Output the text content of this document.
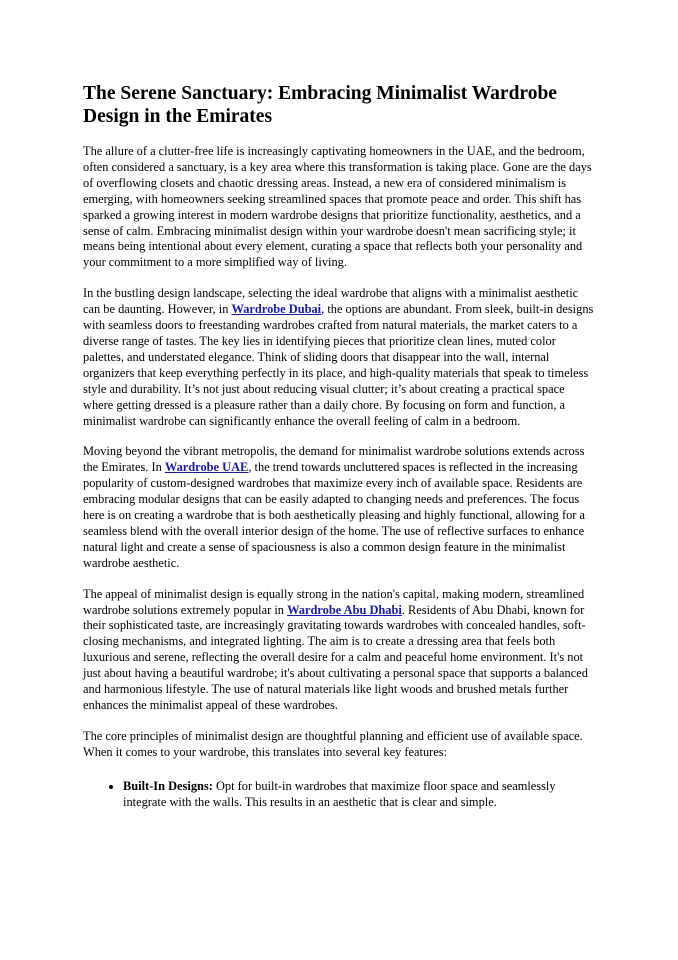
The Serene Sanctuary: Embracing Minimalist Wardrobe Design in the Emirates

The allure of a clutter-free life is increasingly captivating homeowners in the UAE, and the bedroom, often considered a sanctuary, is a key area where this transformation is taking place. Gone are the days of overflowing closets and chaotic dressing areas. Instead, a new era of considered minimalism is emerging, with homeowners seeking streamlined spaces that promote peace and order. This shift has sparked a growing interest in modern wardrobe designs that prioritize functionality, aesthetics, and a sense of calm. Embracing minimalist design within your wardrobe doesn't mean sacrificing style; it means being intentional about every element, curating a space that reflects both your personality and your commitment to a more simplified way of living.

In the bustling design landscape, selecting the ideal wardrobe that aligns with a minimalist aesthetic can be daunting. However, in Wardrobe Dubai, the options are abundant. From sleek, built-in designs with seamless doors to freestanding wardrobes crafted from natural materials, the market caters to a diverse range of tastes. The key lies in identifying pieces that prioritize clean lines, muted color palettes, and understated elegance. Think of sliding doors that disappear into the wall, internal organizers that keep everything perfectly in its place, and high-quality materials that speak to timeless style and durability. It’s not just about reducing visual clutter; it’s about creating a practical space where getting dressed is a pleasure rather than a daily chore. By focusing on form and function, a minimalist wardrobe can significantly enhance the overall feeling of calm in a bedroom.

Moving beyond the vibrant metropolis, the demand for minimalist wardrobe solutions extends across the Emirates. In Wardrobe UAE, the trend towards uncluttered spaces is reflected in the increasing popularity of custom-designed wardrobes that maximize every inch of available space. Residents are embracing modular designs that can be easily adapted to changing needs and preferences. The focus here is on creating a wardrobe that is both aesthetically pleasing and highly functional, allowing for a seamless blend with the overall interior design of the home. The use of reflective surfaces to enhance natural light and create a sense of spaciousness is also a common design feature in the minimalist wardrobe aesthetic.

The appeal of minimalist design is equally strong in the nation's capital, making modern, streamlined wardrobe solutions extremely popular in Wardrobe Abu Dhabi. Residents of Abu Dhabi, known for their sophisticated taste, are increasingly gravitating towards wardrobes with concealed handles, soft-closing mechanisms, and integrated lighting. The aim is to create a dressing area that feels both luxurious and serene, reflecting the overall desire for a calm and peaceful home environment. It's not just about having a beautiful wardrobe; it's about cultivating a personal space that supports a balanced and harmonious lifestyle. The use of natural materials like light woods and brushed metals further enhances the minimalist appeal of these wardrobes.

The core principles of minimalist design are thoughtful planning and efficient use of available space. When it comes to your wardrobe, this translates into several key features:

• Built-In Designs: Opt for built-in wardrobes that maximize floor space and seamlessly integrate with the walls. This results in an aesthetic that is clear and simple.
